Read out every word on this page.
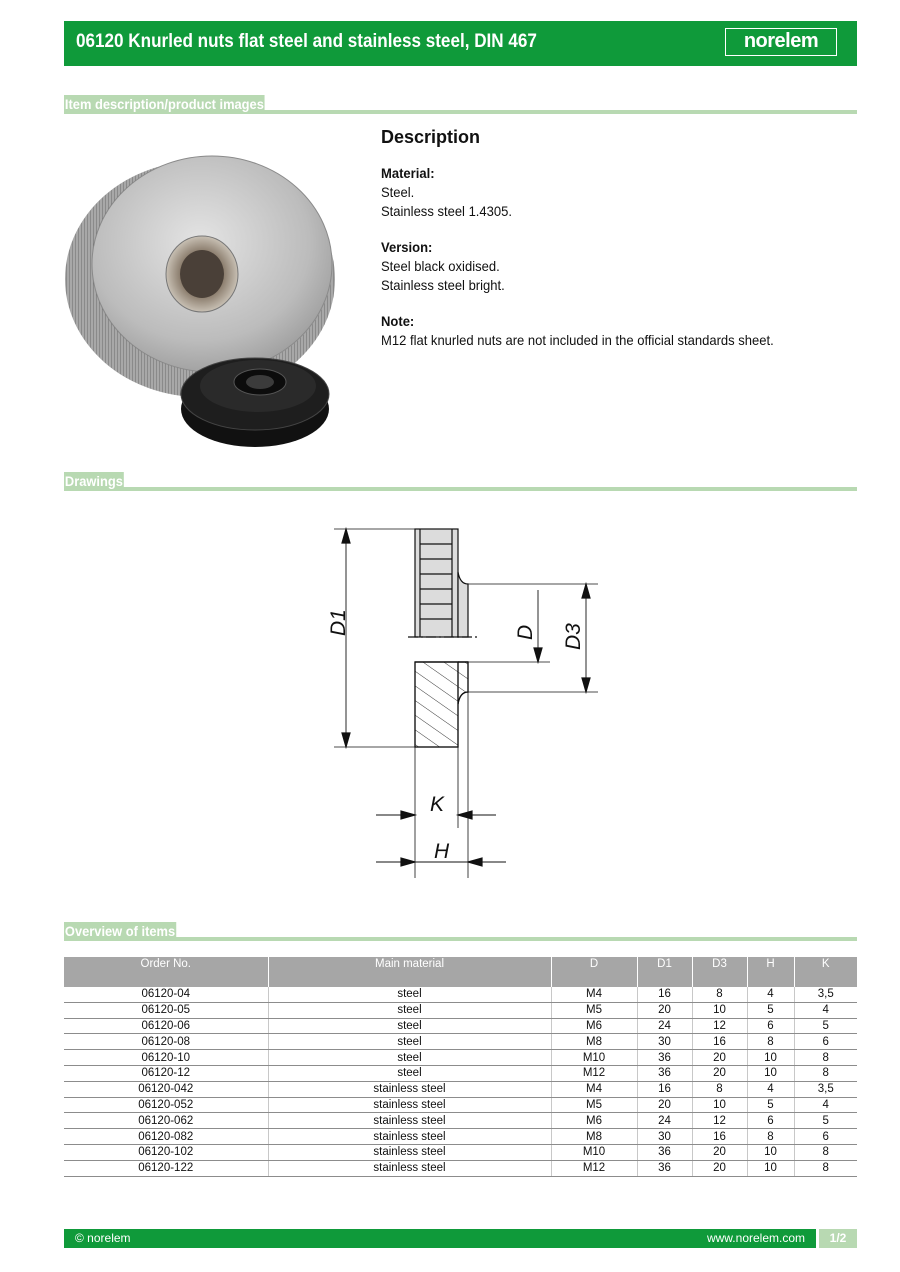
06120 Knurled nuts flat steel and stainless steel, DIN 467	norelem
Item description/product images
Description
Material:
Steel.
Stainless steel 1.4305.
Version:
Steel black oxidised.
Stainless steel bright.
Note:
M12 flat knurled nuts are not included in the official standards sheet.
Drawings
D1	D D3
K
H
Overview of items
Order No.	Main material	D	D1	D3	H	K
06120-04	steel	M4	16	8	4	3,5
06120-05	steel	M5	20	10	5	4
06120-06	steel	M6	24	12	6	5
06120-08	steel	M8	30	16	8	6
06120-10	steel	M10	36	20	10	8
06120-12	steel	M12	36	20	10	8
06120-042	stainless steel	M4	16	8	4	3,5
06120-052	stainless steel	M5	20	10	5	4
06120-062	stainless steel	M6	24	12	6	5
06120-082	stainless steel	M8	30	16	8	6
06120-102	stainless steel	M10	36	20	10	8
06120-122	stainless steel	M12	36	20	10	8
© norelem	www.norelem.com	1/2
